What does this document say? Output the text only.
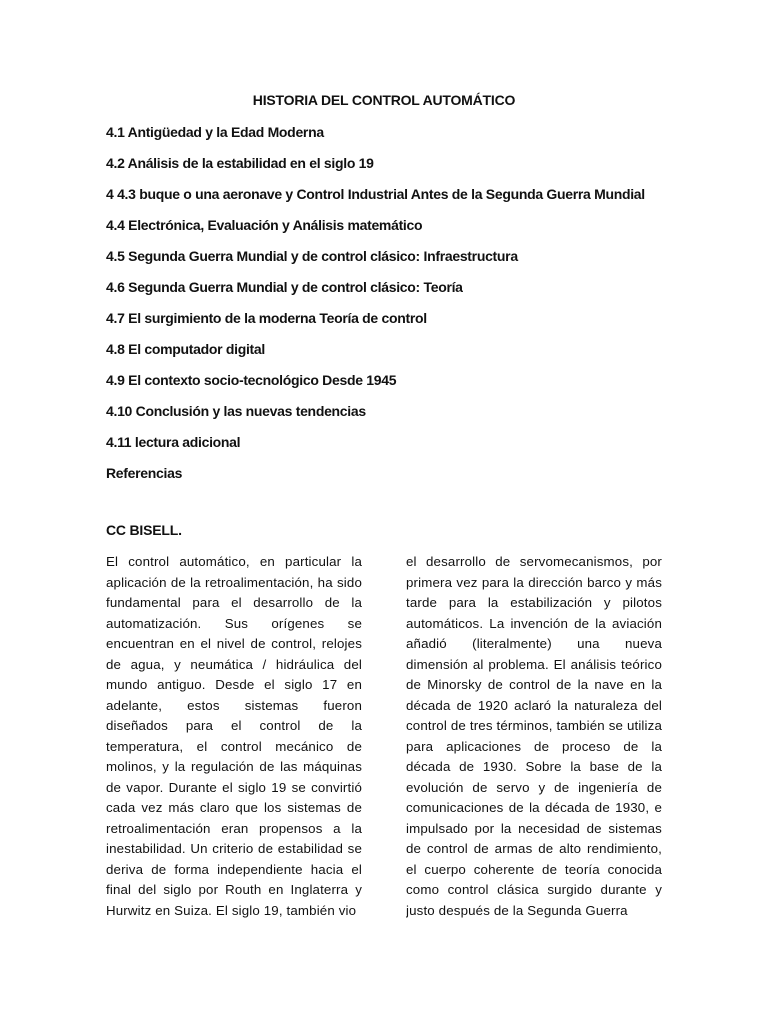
HISTORIA DEL CONTROL AUTOMÁTICO
4.1 Antigüedad y la Edad Moderna
4.2 Análisis de la estabilidad en el siglo 19
4 4.3 buque o una aeronave y Control Industrial Antes de la Segunda Guerra Mundial
4.4 Electrónica, Evaluación y Análisis matemático
4.5 Segunda Guerra Mundial y de control clásico: Infraestructura
4.6 Segunda Guerra Mundial y de control clásico: Teoría
4.7 El surgimiento de la moderna Teoría de control
4.8 El computador digital
4.9 El contexto socio-tecnológico Desde 1945
4.10 Conclusión y las nuevas tendencias
4.11 lectura adicional
Referencias
CC BISELL.
El control automático, en particular la aplicación de la retroalimentación, ha sido fundamental para el desarrollo de la automatización. Sus orígenes se encuentran en el nivel de control, relojes de agua, y neumática / hidráulica del mundo antiguo. Desde el siglo 17 en adelante, estos sistemas fueron diseñados para el control de la temperatura, el control mecánico de molinos, y la regulación de las máquinas de vapor. Durante el siglo 19 se convirtió cada vez más claro que los sistemas de retroalimentación eran propensos a la inestabilidad. Un criterio de estabilidad se deriva de forma independiente hacia el final del siglo por Routh en Inglaterra y Hurwitz en Suiza. El siglo 19, también vio
el desarrollo de servomecanismos, por primera vez para la dirección barco y más tarde para la estabilización y pilotos automáticos. La invención de la aviación añadió (literalmente) una nueva dimensión al problema. El análisis teórico de Minorsky de control de la nave en la década de 1920 aclaró la naturaleza del control de tres términos, también se utiliza para aplicaciones de proceso de la década de 1930. Sobre la base de la evolución de servo y de ingeniería de comunicaciones de la década de 1930, e impulsado por la necesidad de sistemas de control de armas de alto rendimiento, el cuerpo coherente de teoría conocida como control clásica surgido durante y justo después de la Segunda Guerra
